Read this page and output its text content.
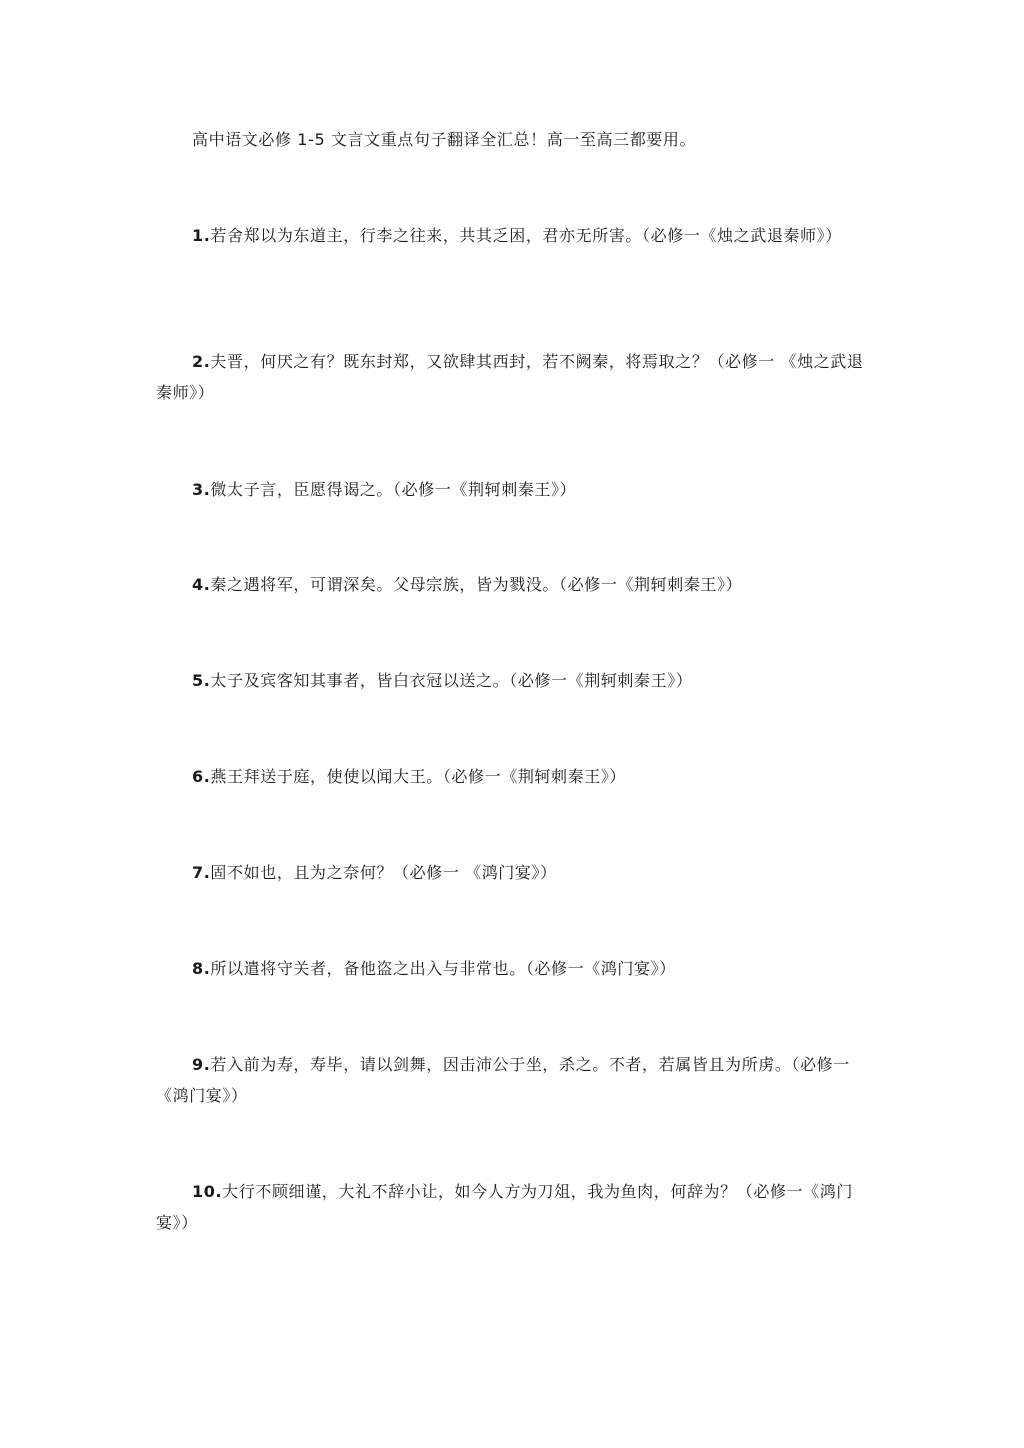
高中语文必修 1-5 文言文重点句子翻译全汇总！高一至高三都要用。

1.若舍郑以为东道主，行李之往来，共其乏困，君亦无所害。（必修一《烛之武退秦师》）

2.夫晋，何厌之有？既东封郑，又欲肆其西封，若不阙秦，将焉取之？（必修一 《烛之武退秦师》）

3.微太子言，臣愿得谒之。（必修一《荆轲刺秦王》）

4.秦之遇将军，可谓深矣。父母宗族，皆为戮没。（必修一《荆轲刺秦王》）

5.太子及宾客知其事者，皆白衣冠以送之。（必修一《荆轲刺秦王》）

6.燕王拜送于庭，使使以闻大王。（必修一《荆轲刺秦王》）

7.固不如也，且为之奈何？（必修一 《鸿门宴》）

8.所以遣将守关者，备他盗之出入与非常也。（必修一《鸿门宴》）

9.若入前为寿，寿毕，请以剑舞，因击沛公于坐，杀之。不者，若属皆且为所虏。（必修一《鸿门宴》）

10.大行不顾细谨，大礼不辞小让，如今人方为刀俎，我为鱼肉，何辞为？（必修一《鸿门宴》）
